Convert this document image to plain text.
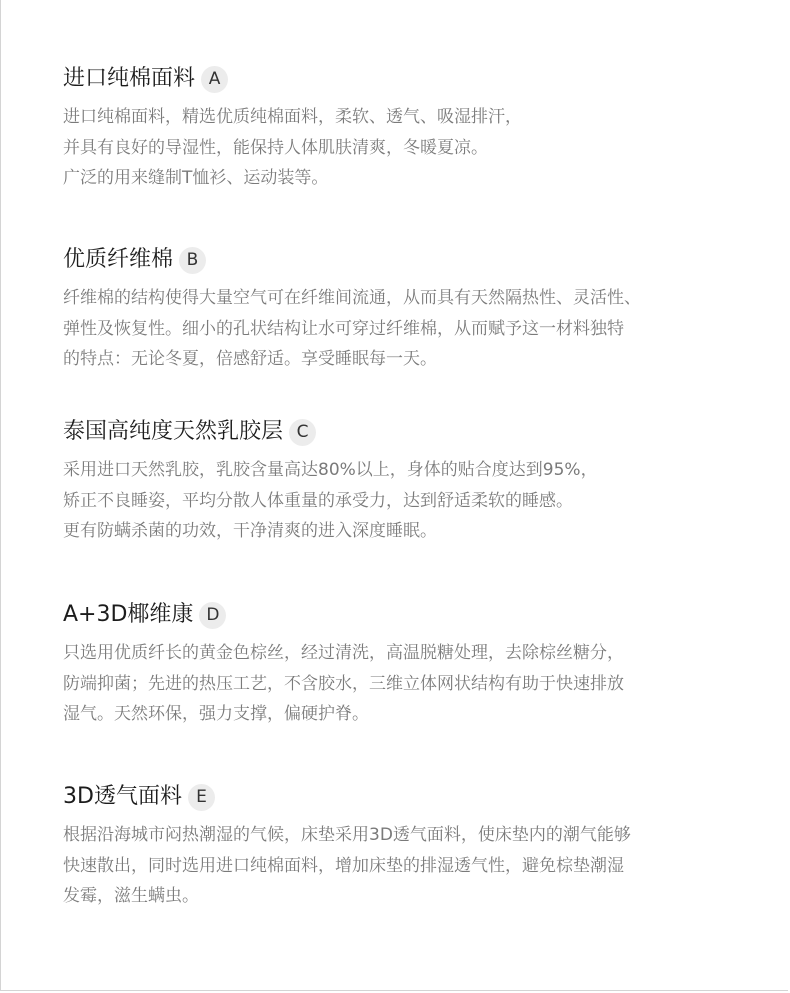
进口纯棉面料 A
进口纯棉面料，精选优质纯棉面料，柔软、透气、吸湿排汗，
并具有良好的导湿性，能保持人体肌肤清爽，冬暖夏凉。
广泛的用来缝制T恤衫、运动装等。
优质纤维棉 B
纤维棉的结构使得大量空气可在纤维间流通，从而具有天然隔热性、灵活性、
弹性及恢复性。细小的孔状结构让水可穿过纤维棉，从而赋予这一材料独特
的特点：无论冬夏，倍感舒适。享受睡眠每一天。
泰国高纯度天然乳胶层 C
采用进口天然乳胶，乳胶含量高达80%以上，身体的贴合度达到95%，
矫正不良睡姿，平均分散人体重量的承受力，达到舒适柔软的睡感。
更有防螨杀菌的功效，干净清爽的进入深度睡眠。
A+3D椰维康 D
只选用优质纤长的黄金色棕丝，经过清洗，高温脱糖处理，去除棕丝糖分，
防端抑菌；先进的热压工艺，不含胶水，三维立体网状结构有助于快速排放
湿气。天然环保，强力支撑，偏硬护脊。
3D透气面料 E
根据沿海城市闷热潮湿的气候，床垫采用3D透气面料，使床垫内的潮气能够
快速散出，同时选用进口纯棉面料，增加床垫的排湿透气性，避免棕垫潮湿
发霉，滋生螨虫。
